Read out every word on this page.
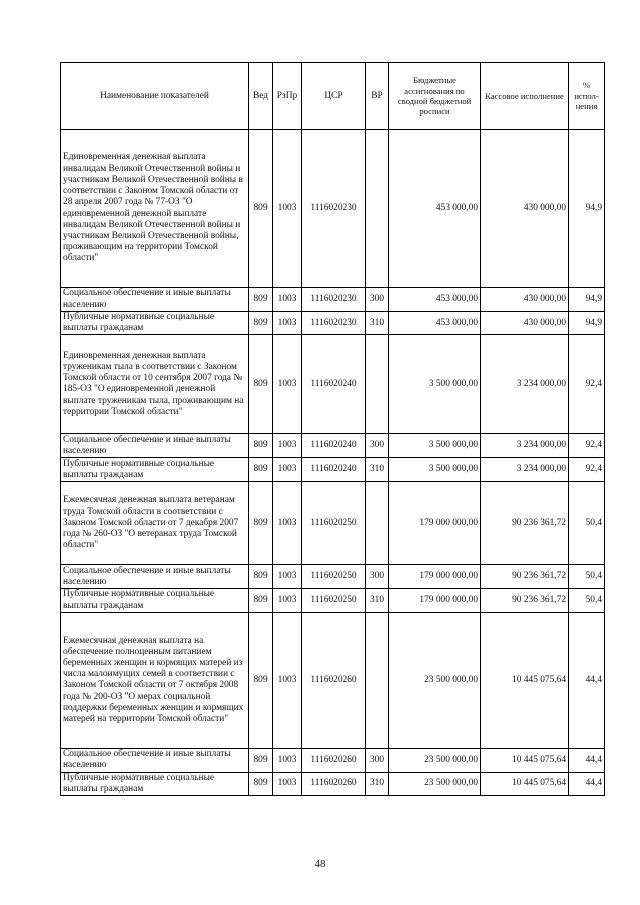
Наименование показателей	Вед	РзПр	ЦСР	ВР	Бюджетные ассигнования по сводной бюджетной росписи	Кассовое исполнение	% испол-нения
Единовременная денежная выплата инвалидам Великой Отечественной войны и участникам Великой Отечественной войны в соответствии с Законом Томской области от 28 апреля 2007 года № 77-ОЗ "О единовременной денежной выплате инвалидам Великой Отечественной войны и участникам Великой Отечественной войны, проживающим на территории Томской области"	809	1003	1116020230		453 000,00	430 000,00	94,9
Социальное обеспечение и иные выплаты населению	809	1003	1116020230	300	453 000,00	430 000,00	94,9
Публичные нормативные социальные выплаты гражданам	809	1003	1116020230	310	453 000,00	430 000,00	94,9
Единовременная денежная выплата труженикам тыла в соответствии с Законом Томской области от 10 сентября 2007 года № 185-ОЗ "О единовременной денежной выплате труженикам тыла, проживающим на территории Томской области"	809	1003	1116020240		3 500 000,00	3 234 000,00	92,4
Социальное обеспечение и иные выплаты населению	809	1003	1116020240	300	3 500 000,00	3 234 000,00	92,4
Публичные нормативные социальные выплаты гражданам	809	1003	1116020240	310	3 500 000,00	3 234 000,00	92,4
Ежемесячная денежная выплата ветеранам труда Томской области в соответствии с Законом Томской области от 7 декабря 2007 года № 260-ОЗ "О ветеранах труда Томской области"	809	1003	1116020250		179 000 000,00	90 236 361,72	50,4
Социальное обеспечение и иные выплаты населению	809	1003	1116020250	300	179 000 000,00	90 236 361,72	50,4
Публичные нормативные социальные выплаты гражданам	809	1003	1116020250	310	179 000 000,00	90 236 361,72	50,4
Ежемесячная денежная выплата на обеспечение полноценным питанием беременных женщин и кормящих матерей из числа малоимущих семей в соответствии с Законом Томской области от 7 октября 2008 года № 200-ОЗ "О мерах социальной поддержки беременных женщин и кормящих матерей на территории Томской области"	809	1003	1116020260		23 500 000,00	10 445 075,64	44,4
Социальное обеспечение и иные выплаты населению	809	1003	1116020260	300	23 500 000,00	10 445 075,64	44,4
Публичные нормативные социальные выплаты гражданам	809	1003	1116020260	310	23 500 000,00	10 445 075,64	44,4
48
